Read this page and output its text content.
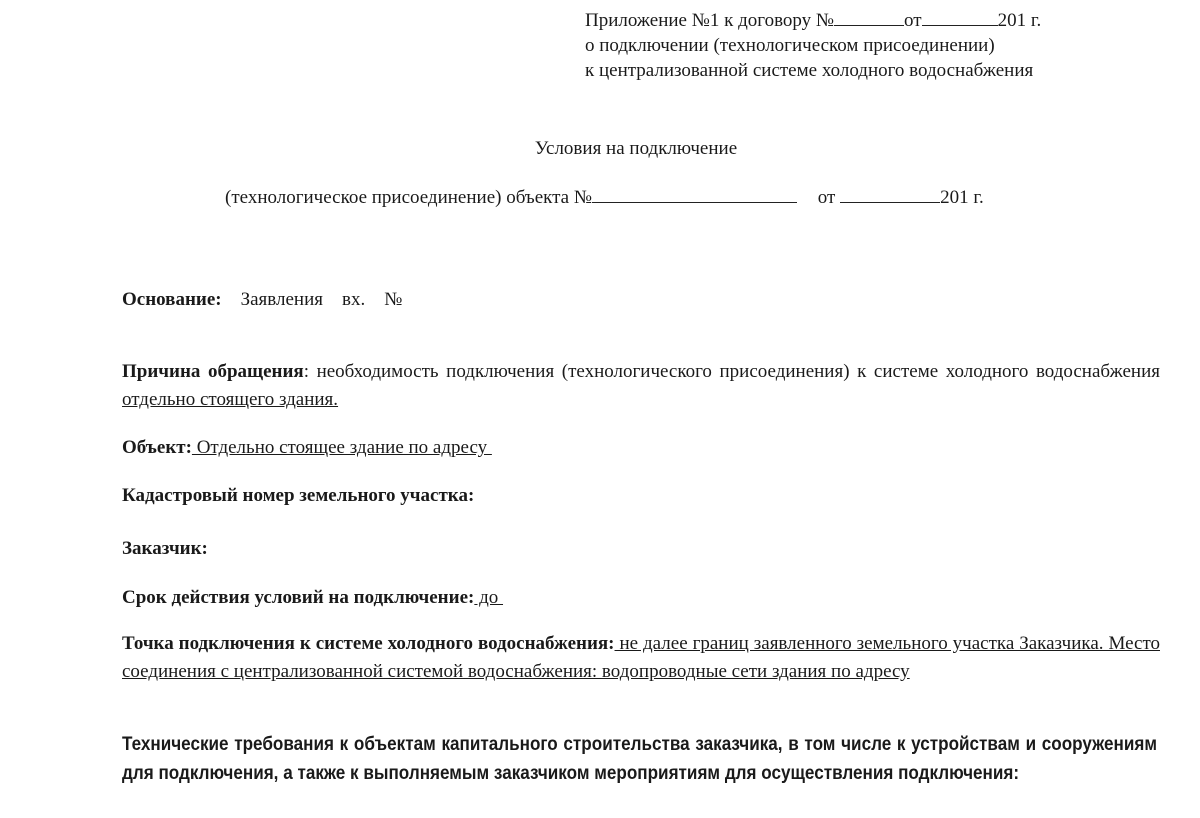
Приложение №1 к договору №	от	201 г.
о подключении (технологическом присоединении)
к централизованной системе холодного водоснабжения
Условия на подключение
(технологическое присоединение) объекта №	от	201 г.
Основание: Заявления    вх.    №
Причина обращения: необходимость подключения (технологического присоединения) к системе холодного водоснабжения отдельно стоящего здания.
Объект: Отдельно стоящее здание по адресу
Кадастровый номер земельного участка:
Заказчик:
Срок действия условий на подключение: до
Точка подключения к системе холодного водоснабжения: не далее границ заявленного земельного участка Заказчика. Место соединения с централизованной системой водоснабжения: водопроводные сети здания по адресу
Технические требования к объектам капитального строительства заказчика, в том числе к устройствам и сооружениям для подключения, а также к выполняемым заказчиком мероприятиям для осуществления подключения:
